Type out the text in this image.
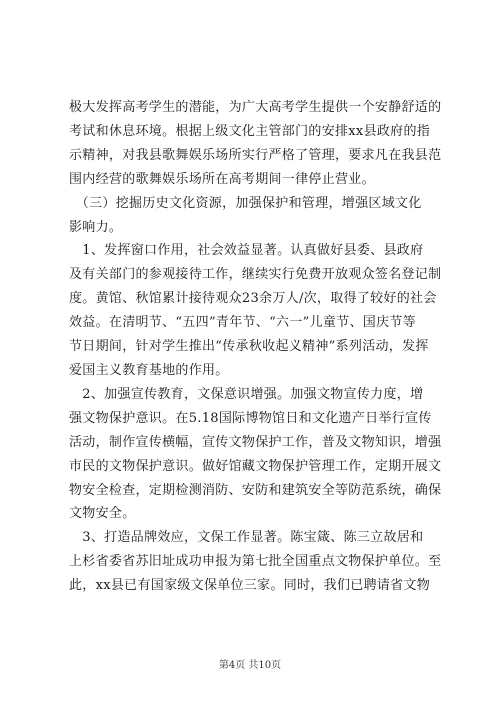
极大发挥高考学生的潜能，为广大高考学生提供一个安静舒适的
考试和休息环境。根据上级文化主管部门的安排xx县政府的指
示精神，对我县歌舞娱乐场所实行严格了管理，要求凡在我县范
围内经营的歌舞娱乐场所在高考期间一律停止营业。
　（三）挖掘历史文化资源，加强保护和管理，增强区域文化
影响力。
　1、发挥窗口作用，社会效益显著。认真做好县委、县政府
及有关部门的参观接待工作，继续实行免费开放观众签名登记制
度。黄馆、秋馆累计接待观众23余万人/次，取得了较好的社会
效益。在清明节、“五四”青年节、“六一”儿童节、国庆节等
节日期间，针对学生推出“传承秋收起义精神”系列活动，发挥
爱国主义教育基地的作用。
　2、加强宣传教育，文保意识增强。加强文物宣传力度，增
强文物保护意识。在5.18国际博物馆日和文化遗产日举行宣传
活动，制作宣传横幅，宣传文物保护工作，普及文物知识，增强
市民的文物保护意识。做好馆藏文物保护管理工作，定期开展文
物安全检查，定期检测消防、安防和建筑安全等防范系统，确保
文物安全。
　3、打造品牌效应，文保工作显著。陈宝箴、陈三立故居和
上杉省委省苏旧址成功申报为第七批全国重点文物保护单位。至
此，xx县已有国家级文保单位三家。同时，我们已聘请省文物

第4页 共10页
